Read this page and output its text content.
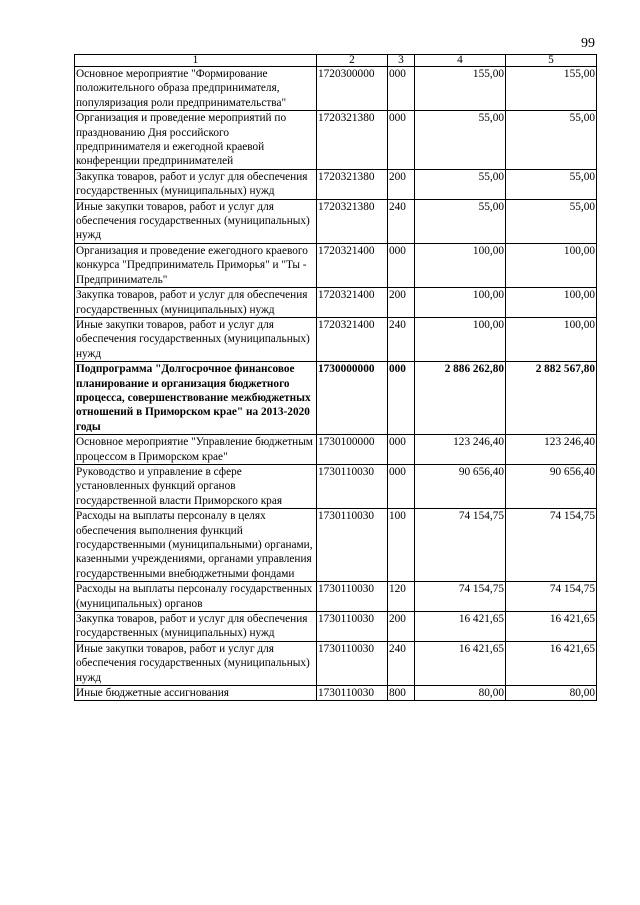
99
1	2	3	4	5
Основное мероприятие "Формирование положительного образа предпринимателя, популяризация роли предпринимательства"	1720300000	000	155,00	155,00
Организация и проведение мероприятий по празднованию Дня российского предпринимателя и ежегодной краевой конференции предпринимателей	1720321380	000	55,00	55,00
Закупка товаров, работ и услуг для обеспечения государственных (муниципальных) нужд	1720321380	200	55,00	55,00
Иные закупки товаров, работ и услуг для обеспечения государственных (муниципальных) нужд	1720321380	240	55,00	55,00
Организация и проведение ежегодного краевого конкурса "Предприниматель Приморья" и "Ты - Предприниматель"	1720321400	000	100,00	100,00
Закупка товаров, работ и услуг для обеспечения государственных (муниципальных) нужд	1720321400	200	100,00	100,00
Иные закупки товаров, работ и услуг для обеспечения государственных (муниципальных) нужд	1720321400	240	100,00	100,00
Подпрограмма "Долгосрочное финансовое планирование и организация бюджетного процесса, совершенствование межбюджетных отношений в Приморском крае" на 2013-2020 годы	1730000000	000	2 886 262,80	2 882 567,80
Основное мероприятие "Управление бюджетным процессом в Приморском крае"	1730100000	000	123 246,40	123 246,40
Руководство и управление в сфере установленных функций органов государственной власти Приморского края	1730110030	000	90 656,40	90 656,40
Расходы на выплаты персоналу в целях обеспечения выполнения функций государственными (муниципальными) органами, казенными учреждениями, органами управления государственными внебюджетными фондами	1730110030	100	74 154,75	74 154,75
Расходы на выплаты персоналу государственных (муниципальных) органов	1730110030	120	74 154,75	74 154,75
Закупка товаров, работ и услуг для обеспечения государственных (муниципальных) нужд	1730110030	200	16 421,65	16 421,65
Иные закупки товаров, работ и услуг для обеспечения государственных (муниципальных) нужд	1730110030	240	16 421,65	16 421,65
Иные бюджетные ассигнования	1730110030	800	80,00	80,00
